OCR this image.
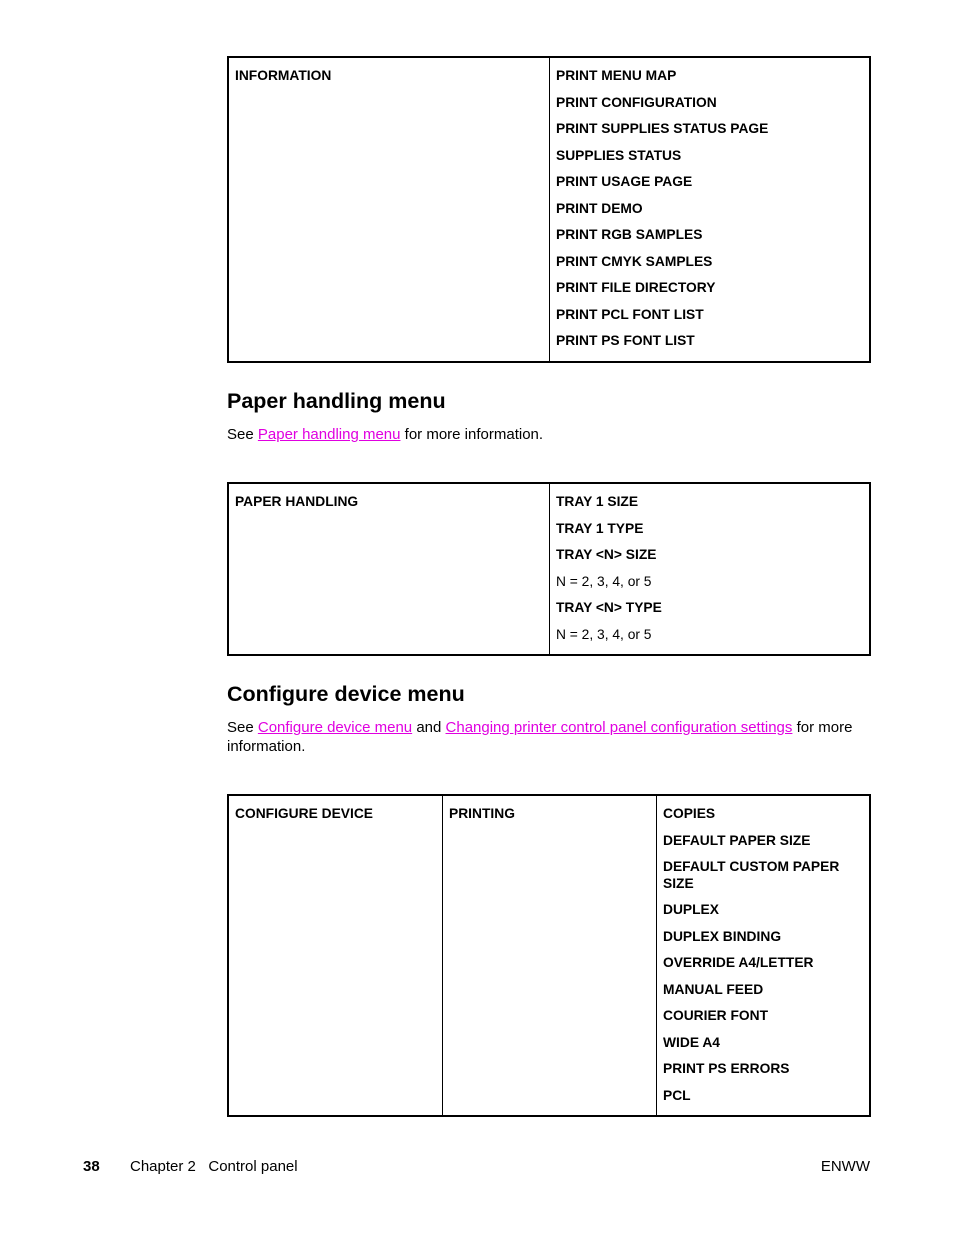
INFORMATION	PRINT MENU MAP
PRINT CONFIGURATION
PRINT SUPPLIES STATUS PAGE
SUPPLIES STATUS
PRINT USAGE PAGE
PRINT DEMO
PRINT RGB SAMPLES
PRINT CMYK SAMPLES
PRINT FILE DIRECTORY
PRINT PCL FONT LIST
PRINT PS FONT LIST
Paper handling menu

See Paper handling menu for more information.

PAPER HANDLING	TRAY 1 SIZE
TRAY 1 TYPE
TRAY <N> SIZE
N = 2, 3, 4, or 5
TRAY <N> TYPE
N = 2, 3, 4, or 5
Configure device menu

See Configure device menu and Changing printer control panel configuration settings for more information.

CONFIGURE DEVICE	PRINTING	COPIES
DEFAULT PAPER SIZE
DEFAULT CUSTOM PAPER SIZE
DUPLEX
DUPLEX BINDING
OVERRIDE A4/LETTER
MANUAL FEED
COURIER FONT
WIDE A4
PRINT PS ERRORS
PCL
38 Chapter 2   Control panel	ENWW
